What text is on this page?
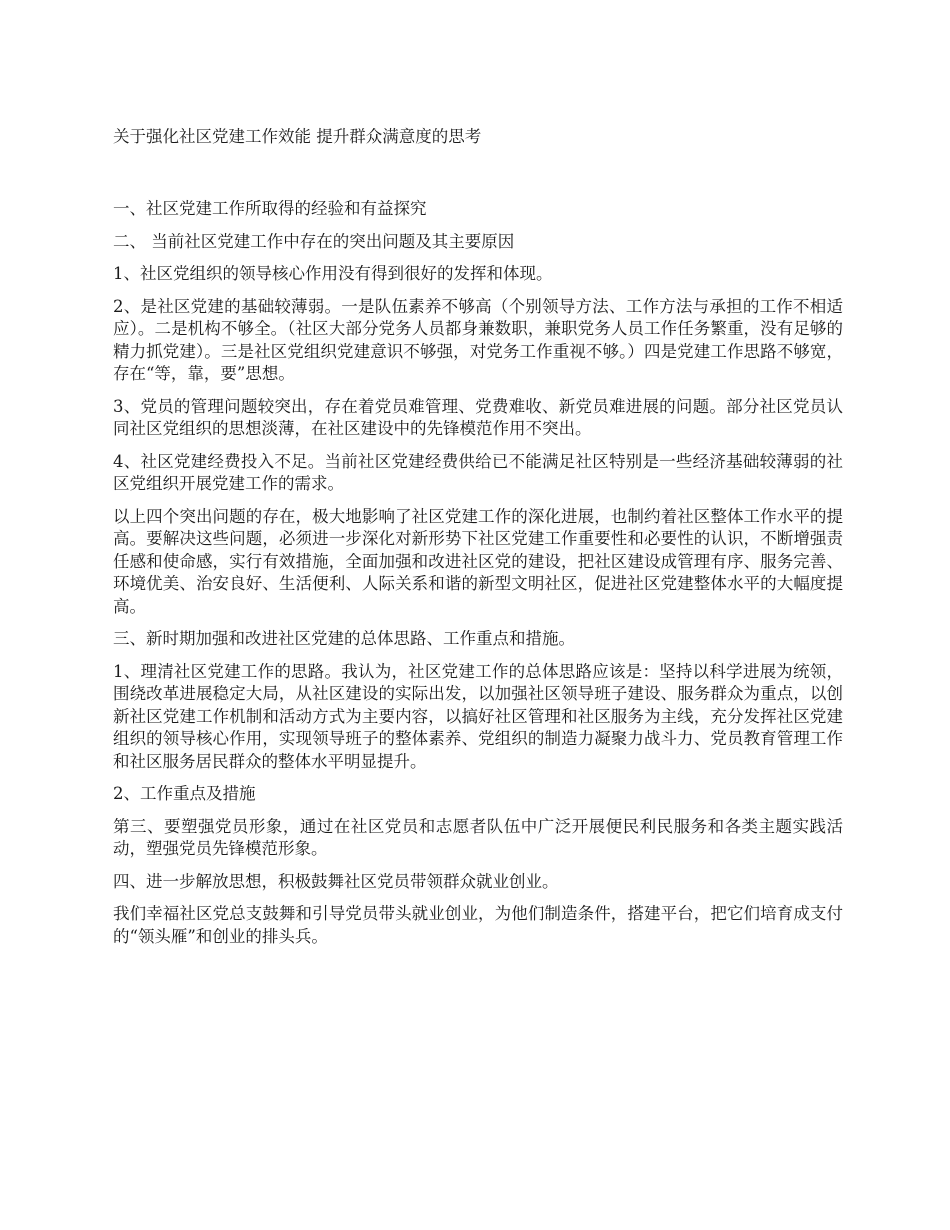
关于强化社区党建工作效能 提升群众满意度的思考

一、社区党建工作所取得的经验和有益探究

二、 当前社区党建工作中存在的突出问题及其主要原因

1、社区党组织的领导核心作用没有得到很好的发挥和体现。

2、是社区党建的基础较薄弱。一是队伍素养不够高（个别领导方法、工作方法与承担的工作不相适应）。二是机构不够全。（社区大部分党务人员都身兼数职，兼职党务人员工作任务繁重，没有足够的精力抓党建）。三是社区党组织党建意识不够强，对党务工作重视不够。）四是党建工作思路不够宽，存在“等，靠，要”思想。

3、党员的管理问题较突出，存在着党员难管理、党费难收、新党员难进展的问题。部分社区党员认同社区党组织的思想淡薄，在社区建设中的先锋模范作用不突出。

4、社区党建经费投入不足。当前社区党建经费供给已不能满足社区特别是一些经济基础较薄弱的社区党组织开展党建工作的需求。

以上四个突出问题的存在，极大地影响了社区党建工作的深化进展，也制约着社区整体工作水平的提高。要解决这些问题，必须进一步深化对新形势下社区党建工作重要性和必要性的认识，不断增强责任感和使命感，实行有效措施，全面加强和改进社区党的建设，把社区建设成管理有序、服务完善、环境优美、治安良好、生活便利、人际关系和谐的新型文明社区，促进社区党建整体水平的大幅度提高。

三、新时期加强和改进社区党建的总体思路、工作重点和措施。

1、理清社区党建工作的思路。我认为，社区党建工作的总体思路应该是：坚持以科学进展为统领，围绕改革进展稳定大局，从社区建设的实际出发，以加强社区领导班子建设、服务群众为重点，以创新社区党建工作机制和活动方式为主要内容，以搞好社区管理和社区服务为主线，充分发挥社区党建组织的领导核心作用，实现领导班子的整体素养、党组织的制造力凝聚力战斗力、党员教育管理工作和社区服务居民群众的整体水平明显提升。

2、工作重点及措施

第三、要塑强党员形象，通过在社区党员和志愿者队伍中广泛开展便民利民服务和各类主题实践活动，塑强党员先锋模范形象。

四、进一步解放思想，积极鼓舞社区党员带领群众就业创业。

我们幸福社区党总支鼓舞和引导党员带头就业创业，为他们制造条件，搭建平台，把它们培育成支付的“领头雁”和创业的排头兵。
